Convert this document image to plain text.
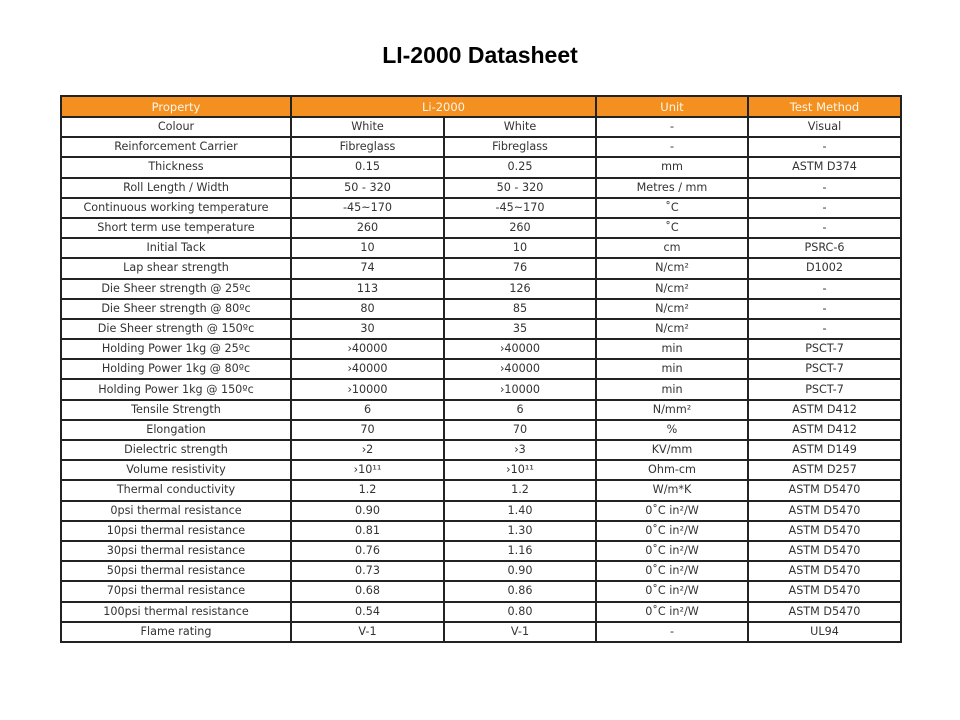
LI-2000 Datasheet
Property	Li-2000		Unit	Test Method
Colour	White	White	-	Visual
Reinforcement Carrier	Fibreglass	Fibreglass	-	-
Thickness	0.15	0.25	mm	ASTM D374
Roll Length / Width	50 - 320	50 - 320	Metres / mm	-
Continuous working temperature	-45~170	-45~170	˚C	-
Short term use temperature	260	260	˚C	-
Initial Tack	10	10	cm	PSRC-6
Lap shear strength	74	76	N/cm²	D1002
Die Sheer strength @ 25ºc	113	126	N/cm²	-
Die Sheer strength @ 80ºc	80	85	N/cm²	-
Die Sheer strength @ 150ºc	30	35	N/cm²	-
Holding Power 1kg @ 25ºc	›40000	›40000	min	PSCT-7
Holding Power 1kg @ 80ºc	›40000	›40000	min	PSCT-7
Holding Power 1kg @ 150ºc	›10000	›10000	min	PSCT-7
Tensile Strength	6	6	N/mm²	ASTM D412
Elongation	70	70	%	ASTM D412
Dielectric strength	›2	›3	KV/mm	ASTM D149
Volume resistivity	›10¹¹	›10¹¹	Ohm-cm	ASTM D257
Thermal conductivity	1.2	1.2	W/m*K	ASTM D5470
0psi thermal resistance	0.90	1.40	0˚C in²/W	ASTM D5470
10psi thermal resistance	0.81	1.30	0˚C in²/W	ASTM D5470
30psi thermal resistance	0.76	1.16	0˚C in²/W	ASTM D5470
50psi thermal resistance	0.73	0.90	0˚C in²/W	ASTM D5470
70psi thermal resistance	0.68	0.86	0˚C in²/W	ASTM D5470
100psi thermal resistance	0.54	0.80	0˚C in²/W	ASTM D5470
Flame rating	V-1	V-1	-	UL94
